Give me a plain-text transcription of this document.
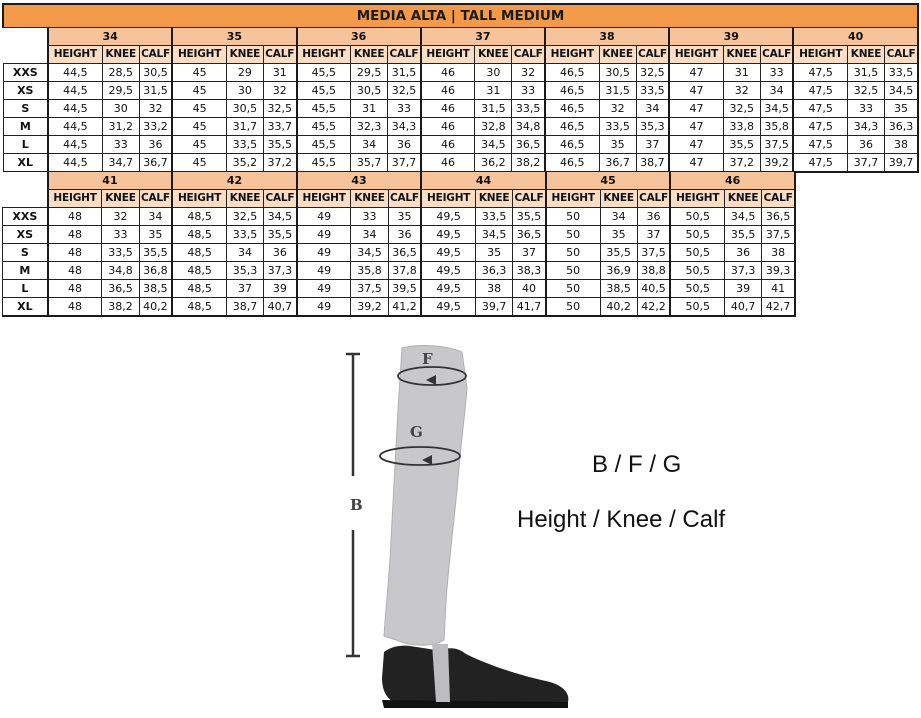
MEDIA ALTA | TALL MEDIUM																					
	34			35			36			37			38			39			40		
	HEIGHT	KNEE	CALF	HEIGHT	KNEE	CALF	HEIGHT	KNEE	CALF	HEIGHT	KNEE	CALF	HEIGHT	KNEE	CALF	HEIGHT	KNEE	CALF	HEIGHT	KNEE	CALF
XXS	44,5	28,5	30,5	45	29	31	45,5	29,5	31,5	46	30	32	46,5	30,5	32,5	47	31	33	47,5	31,5	33,5
XS	44,5	29,5	31,5	45	30	32	45,5	30,5	32,5	46	31	33	46,5	31,5	33,5	47	32	34	47,5	32,5	34,5
S	44,5	30	32	45	30,5	32,5	45,5	31	33	46	31,5	33,5	46,5	32	34	47	32,5	34,5	47,5	33	35
M	44,5	31,2	33,2	45	31,7	33,7	45,5	32,3	34,3	46	32,8	34,8	46,5	33,5	35,3	47	33,8	35,8	47,5	34,3	36,3
L	44,5	33	36	45	33,5	35,5	45,5	34	36	46	34,5	36,5	46,5	35	37	47	35,5	37,5	47,5	36	38
XL	44,5	34,7	36,7	45	35,2	37,2	45,5	35,7	37,7	46	36,2	38,2	46,5	36,7	38,7	47	37,2	39,2	47,5	37,7	39,7
	41			42			43			44			45			46		
	HEIGHT	KNEE	CALF	HEIGHT	KNEE	CALF	HEIGHT	KNEE	CALF	HEIGHT	KNEE	CALF	HEIGHT	KNEE	CALF	HEIGHT	KNEE	CALF
XXS	48	32	34	48,5	32,5	34,5	49	33	35	49,5	33,5	35,5	50	34	36	50,5	34,5	36,5
XS	48	33	35	48,5	33,5	35,5	49	34	36	49,5	34,5	36,5	50	35	37	50,5	35,5	37,5
S	48	33,5	35,5	48,5	34	36	49	34,5	36,5	49,5	35	37	50	35,5	37,5	50,5	36	38
M	48	34,8	36,8	48,5	35,3	37,3	49	35,8	37,8	49,5	36,3	38,3	50	36,9	38,8	50,5	37,3	39,3
L	48	36,5	38,5	48,5	37	39	49	37,5	39,5	49,5	38	40	50	38,5	40,5	50,5	39	41
XL	48	38,2	40,2	48,5	38,7	40,7	49	39,2	41,2	49,5	39,7	41,7	50	40,2	42,2	50,5	40,7	42,7
B
F
G
B / F / G
Height / Knee / Calf
